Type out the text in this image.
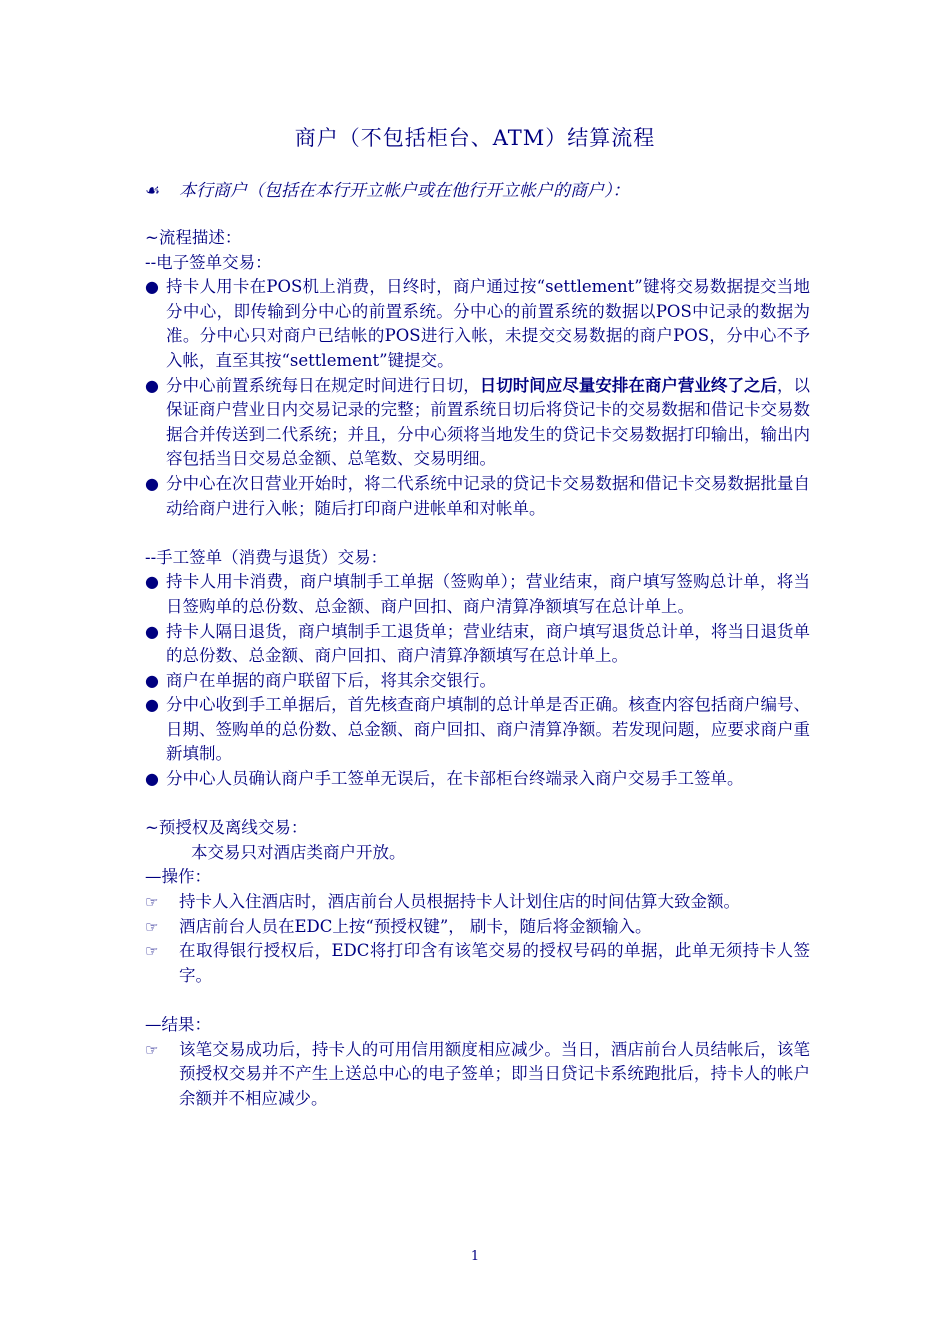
商户（不包括柜台、ATM）结算流程
☙ 本行商户（包括在本行开立帐户或在他行开立帐户的商户）：

~流程描述：

--电子签单交易：

● 持卡人用卡在POS机上消费，日终时，商户通过按“settlement”键将交易数据提交当地分中心，即传输到分中心的前置系统。分中心的前置系统的数据以POS中记录的数据为准。分中心只对商户已结帐的POS进行入帐，未提交交易数据的商户POS，分中心不予入帐，直至其按“settlement”键提交。
● 分中心前置系统每日在规定时间进行日切，日切时间应尽量安排在商户营业终了之后，以保证商户营业日内交易记录的完整；前置系统日切后将贷记卡的交易数据和借记卡交易数据合并传送到二代系统；并且，分中心须将当地发生的贷记卡交易数据打印输出，输出内容包括当日交易总金额、总笔数、交易明细。
● 分中心在次日营业开始时，将二代系统中记录的贷记卡交易数据和借记卡交易数据批量自动给商户进行入帐；随后打印商户进帐单和对帐单。

--手工签单（消费与退货）交易：

● 持卡人用卡消费，商户填制手工单据（签购单）；营业结束，商户填写签购总计单，将当日签购单的总份数、总金额、商户回扣、商户清算净额填写在总计单上。
● 持卡人隔日退货，商户填制手工退货单；营业结束，商户填写退货总计单，将当日退货单的总份数、总金额、商户回扣、商户清算净额填写在总计单上。
● 商户在单据的商户联留下后，将其余交银行。
● 分中心收到手工单据后，首先核查商户填制的总计单是否正确。核查内容包括商户编号、日期、签购单的总份数、总金额、商户回扣、商户清算净额。若发现问题，应要求商户重新填制。
● 分中心人员确认商户手工签单无误后，在卡部柜台终端录入商户交易手工签单。

~预授权及离线交易：

本交易只对酒店类商户开放。

—操作：

☞ 持卡人入住酒店时，酒店前台人员根据持卡人计划住店的时间估算大致金额。
☞ 酒店前台人员在EDC上按“预授权键”， 刷卡，随后将金额输入。
☞ 在取得银行授权后，EDC将打印含有该笔交易的授权号码的单据，此单无须持卡人签字。

—结果：

☞ 该笔交易成功后，持卡人的可用信用额度相应减少。当日，酒店前台人员结帐后，该笔预授权交易并不产生上送总中心的电子签单；即当日贷记卡系统跑批后，持卡人的帐户余额并不相应减少。
1
